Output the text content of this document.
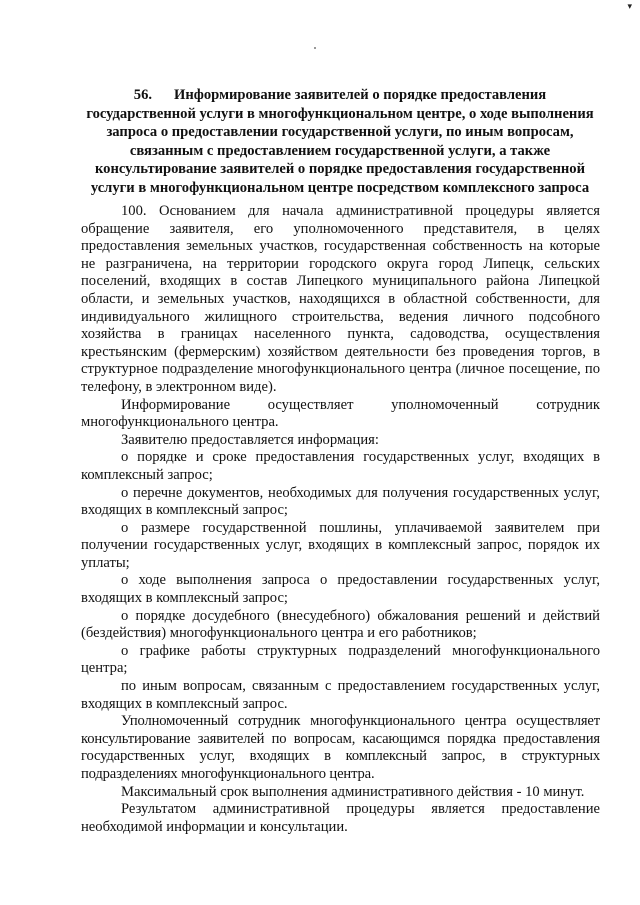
▾
56. Информирование заявителей о порядке предоставления государственной услуги в многофункциональном центре, о ходе выполнения запроса о предоставлении государственной услуги, по иным вопросам, связанным с предоставлением государственной услуги, а также консультирование заявителей о порядке предоставления государственной услуги в многофункциональном центре посредством комплексного запроса

100. Основанием для начала административной процедуры является обращение заявителя, его уполномоченного представителя, в целях предоставления земельных участков, государственная собственность на которые не разграничена, на территории городского округа город Липецк, сельских поселений, входящих в состав Липецкого муниципального района Липецкой области, и земельных участков, находящихся в областной собственности, для индивидуального жилищного строительства, ведения личного подсобного хозяйства в границах населенного пункта, садоводства, осуществления крестьянским (фермерским) хозяйством деятельности без проведения торгов, в структурное подразделение многофункционального центра (личное посещение, по телефону, в электронном виде).

Информирование осуществляет уполномоченный сотрудник многофункционального центра.

Заявителю предоставляется информация:

о порядке и сроке предоставления государственных услуг, входящих в комплексный запрос;

о перечне документов, необходимых для получения государственных услуг, входящих в комплексный запрос;

о размере государственной пошлины, уплачиваемой заявителем при получении государственных услуг, входящих в комплексный запрос, порядок их уплаты;

о ходе выполнения запроса о предоставлении государственных услуг, входящих в комплексный запрос;

о порядке досудебного (внесудебного) обжалования решений и действий (бездействия) многофункционального центра и его работников;

о графике работы структурных подразделений многофункционального центра;

по иным вопросам, связанным с предоставлением государственных услуг, входящих в комплексный запрос.

Уполномоченный сотрудник многофункционального центра осуществляет консультирование заявителей по вопросам, касающимся порядка предоставления государственных услуг, входящих в комплексный запрос, в структурных подразделениях многофункционального центра.

Максимальный срок выполнения административного действия - 10 минут.

Результатом административной процедуры является предоставление необходимой информации и консультации.
